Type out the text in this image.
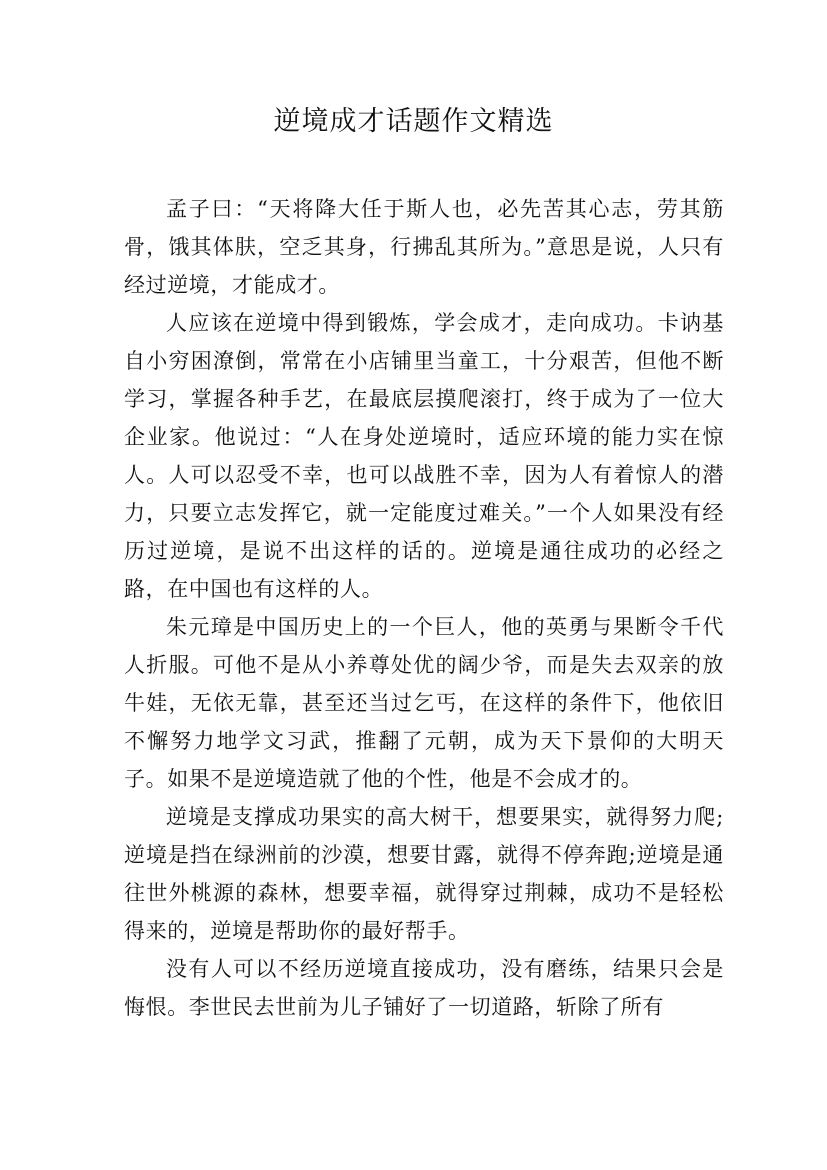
逆境成才话题作文精选

孟子曰：“天将降大任于斯人也，必先苦其心志，劳其筋骨，饿其体肤，空乏其身，行拂乱其所为。”意思是说，人只有经过逆境，才能成才。

人应该在逆境中得到锻炼，学会成才，走向成功。卡讷基自小穷困潦倒，常常在小店铺里当童工，十分艰苦，但他不断学习，掌握各种手艺，在最底层摸爬滚打，终于成为了一位大企业家。他说过：“人在身处逆境时，适应环境的能力实在惊人。人可以忍受不幸，也可以战胜不幸，因为人有着惊人的潜力，只要立志发挥它，就一定能度过难关。”一个人如果没有经历过逆境，是说不出这样的话的。逆境是通往成功的必经之路，在中国也有这样的人。

朱元璋是中国历史上的一个巨人，他的英勇与果断令千代人折服。可他不是从小养尊处优的阔少爷，而是失去双亲的放牛娃，无依无靠，甚至还当过乞丐，在这样的条件下，他依旧不懈努力地学文习武，推翻了元朝，成为天下景仰的大明天子。如果不是逆境造就了他的个性，他是不会成才的。

逆境是支撑成功果实的高大树干，想要果实，就得努力爬;逆境是挡在绿洲前的沙漠，想要甘露，就得不停奔跑;逆境是通往世外桃源的森林，想要幸福，就得穿过荆棘，成功不是轻松得来的，逆境是帮助你的最好帮手。

没有人可以不经历逆境直接成功，没有磨练，结果只会是悔恨。李世民去世前为儿子铺好了一切道路，斩除了所有
